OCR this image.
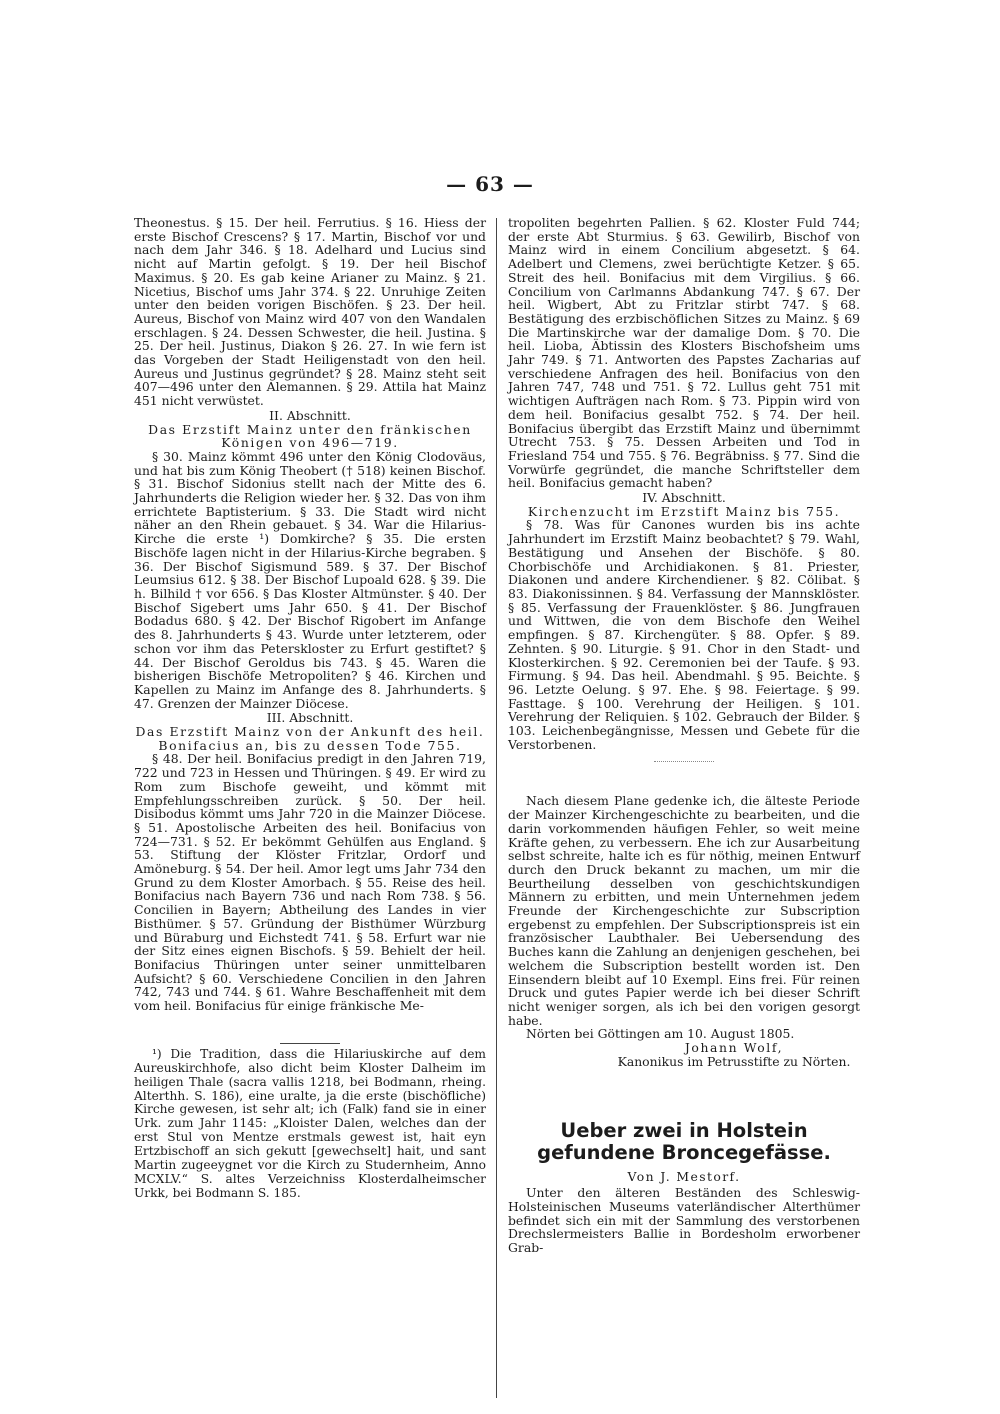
— 63 —

Theonestus. § 15. Der heil. Ferrutius. § 16. Hiess der erste Bischof Crescens? § 17. Martin, Bischof vor und nach dem Jahr 346. § 18. Adelhard und Lucius sind nicht auf Martin gefolgt. § 19. Der heil Bischof Maximus. § 20. Es gab keine Arianer zu Mainz. § 21. Nicetius, Bischof ums Jahr 374. § 22. Unruhige Zeiten unter den beiden vorigen Bischöfen. § 23. Der heil. Aureus, Bischof von Mainz wird 407 von den Wandalen erschlagen. § 24. Dessen Schwester, die heil. Justina. § 25. Der heil. Justinus, Diakon § 26. 27. In wie fern ist das Vorgeben der Stadt Heiligenstadt von den heil. Aureus und Justinus gegründet? § 28. Mainz steht seit 407—496 unter den Alemannen. § 29. Attila hat Mainz 451 nicht verwüstet.

II. Abschnitt.

Das Erzstift Mainz unter den fränkischen Königen von 496—719.

§ 30. Mainz kömmt 496 unter den König Clodoväus, und hat bis zum König Theobert († 518) keinen Bischof. § 31. Bischof Sidonius stellt nach der Mitte des 6. Jahrhunderts die Religion wieder her. § 32. Das von ihm errichtete Baptisterium. § 33. Die Stadt wird nicht näher an den Rhein gebauet. § 34. War die Hilarius-Kirche die erste ¹) Domkirche? § 35. Die ersten Bischöfe lagen nicht in der Hilarius-Kirche begraben. § 36. Der Bischof Sigismund 589. § 37. Der Bischof Leumsius 612. § 38. Der Bischof Lupoald 628. § 39. Die h. Bilhild † vor 656. § Das Kloster Altmünster. § 40. Der Bischof Sigebert ums Jahr 650. § 41. Der Bischof Bodadus 680. § 42. Der Bischof Rigobert im Anfange des 8. Jahrhunderts § 43. Wurde unter letzterem, oder schon vor ihm das Peterskloster zu Erfurt gestiftet? § 44. Der Bischof Geroldus bis 743. § 45. Waren die bisherigen Bischöfe Metropoliten? § 46. Kirchen und Kapellen zu Mainz im Anfange des 8. Jahrhunderts. § 47. Grenzen der Mainzer Diöcese.

III. Abschnitt.

Das Erzstift Mainz von der Ankunft des heil. Bonifacius an, bis zu dessen Tode 755.

§ 48. Der heil. Bonifacius predigt in den Jahren 719, 722 und 723 in Hessen und Thüringen. § 49. Er wird zu Rom zum Bischofe geweiht, und kömmt mit Empfehlungsschreiben zurück. § 50. Der heil. Disibodus kömmt ums Jahr 720 in die Mainzer Diöcese. § 51. Apostolische Arbeiten des heil. Bonifacius von 724—731. § 52. Er bekömmt Gehülfen aus England. § 53. Stiftung der Klöster Fritzlar, Ordorf und Amöneburg. § 54. Der heil. Amor legt ums Jahr 734 den Grund zu dem Kloster Amorbach. § 55. Reise des heil. Bonifacius nach Bayern 736 und nach Rom 738. § 56. Concilien in Bayern; Abtheilung des Landes in vier Bisthümer. § 57. Gründung der Bisthümer Würzburg und Büraburg und Eichstedt 741. § 58. Erfurt war nie der Sitz eines eignen Bischofs. § 59. Behielt der heil. Bonifacius Thüringen unter seiner unmittelbaren Aufsicht? § 60. Verschiedene Concilien in den Jahren 742, 743 und 744. § 61. Wahre Beschaffenheit mit dem vom heil. Bonifacius für einige fränkische Me-

¹) Die Tradition, dass die Hilariuskirche auf dem Aureuskirchhofe, also dicht beim Kloster Dalheim im heiligen Thale (sacra vallis 1218, bei Bodmann, rheing. Alterthh. S. 186), eine uralte, ja die erste (bischöfliche) Kirche gewesen, ist sehr alt; ich (Falk) fand sie in einer Urk. zum Jahr 1145: „Kloister Dalen, welches dan der erst Stul von Mentze erstmals gewest ist, hait eyn Ertzbischoff an sich gekutt [gewechselt] hait, und sant Martin zugeeygnet vor die Kirch zu Studernheim, Anno MCXLV.“ S. altes Verzeichniss Klosterdalheimscher Urkk, bei Bodmann S. 185.

tropoliten begehrten Pallien. § 62. Kloster Fuld 744; der erste Abt Sturmius. § 63. Gewilirb, Bischof von Mainz wird in einem Concilium abgesetzt. § 64. Adelbert und Clemens, zwei berüchtigte Ketzer. § 65. Streit des heil. Bonifacius mit dem Virgilius. § 66. Concilium von Carlmanns Abdankung 747. § 67. Der heil. Wigbert, Abt zu Fritzlar stirbt 747. § 68. Bestätigung des erzbischöflichen Sitzes zu Mainz. § 69 Die Martinskirche war der damalige Dom. § 70. Die heil. Lioba, Äbtissin des Klosters Bischofsheim ums Jahr 749. § 71. Antworten des Papstes Zacharias auf verschiedene Anfragen des heil. Bonifacius von den Jahren 747, 748 und 751. § 72. Lullus geht 751 mit wichtigen Aufträgen nach Rom. § 73. Pippin wird von dem heil. Bonifacius gesalbt 752. § 74. Der heil. Bonifacius übergibt das Erzstift Mainz und übernimmt Utrecht 753. § 75. Dessen Arbeiten und Tod in Friesland 754 und 755. § 76. Begräbniss. § 77. Sind die Vorwürfe gegründet, die manche Schriftsteller dem heil. Bonifacius gemacht haben?

IV. Abschnitt.

Kirchenzucht im Erzstift Mainz bis 755.

§ 78. Was für Canones wurden bis ins achte Jahrhundert im Erzstift Mainz beobachtet? § 79. Wahl, Bestätigung und Ansehen der Bischöfe. § 80. Chorbischöfe und Archidiakonen. § 81. Priester, Diakonen und andere Kirchendiener. § 82. Cölibat. § 83. Diakonissinnen. § 84. Verfassung der Mannsklöster. § 85. Verfassung der Frauenklöster. § 86. Jungfrauen und Wittwen, die von dem Bischofe den Weihel empfingen. § 87. Kirchengüter. § 88. Opfer. § 89. Zehnten. § 90. Liturgie. § 91. Chor in den Stadt- und Klosterkirchen. § 92. Ceremonien bei der Taufe. § 93. Firmung. § 94. Das heil. Abendmahl. § 95. Beichte. § 96. Letzte Oelung. § 97. Ehe. § 98. Feiertage. § 99. Fasttage. § 100. Verehrung der Heiligen. § 101. Verehrung der Reliquien. § 102. Gebrauch der Bilder. § 103. Leichenbegängnisse, Messen und Gebete für die Verstorbenen.

Nach diesem Plane gedenke ich, die älteste Periode der Mainzer Kirchengeschichte zu bearbeiten, und die darin vorkommenden häufigen Fehler, so weit meine Kräfte gehen, zu verbessern. Ehe ich zur Ausarbeitung selbst schreite, halte ich es für nöthig, meinen Entwurf durch den Druck bekannt zu machen, um mir die Beurtheilung desselben von geschichtskundigen Männern zu erbitten, und mein Unternehmen jedem Freunde der Kirchengeschichte zur Subscription ergebenst zu empfehlen. Der Subscriptionspreis ist ein französischer Laubthaler. Bei Uebersendung des Buches kann die Zahlung an denjenigen geschehen, bei welchem die Subscription bestellt worden ist. Den Einsendern bleibt auf 10 Exempl. Eins frei. Für reinen Druck und gutes Papier werde ich bei dieser Schrift nicht weniger sorgen, als ich bei den vorigen gesorgt habe.

Nörten bei Göttingen am 10. August 1805.

Johann Wolf,

Kanonikus im Petrusstifte zu Nörten.

Ueber zwei in Holstein gefundene Broncegefässe.

Von J. Mestorf.

Unter den älteren Beständen des Schleswig-Holsteinischen Museums vaterländischer Alterthümer befindet sich ein mit der Sammlung des verstorbenen Drechslermeisters Ballie in Bordesholm erworbener Grab-
